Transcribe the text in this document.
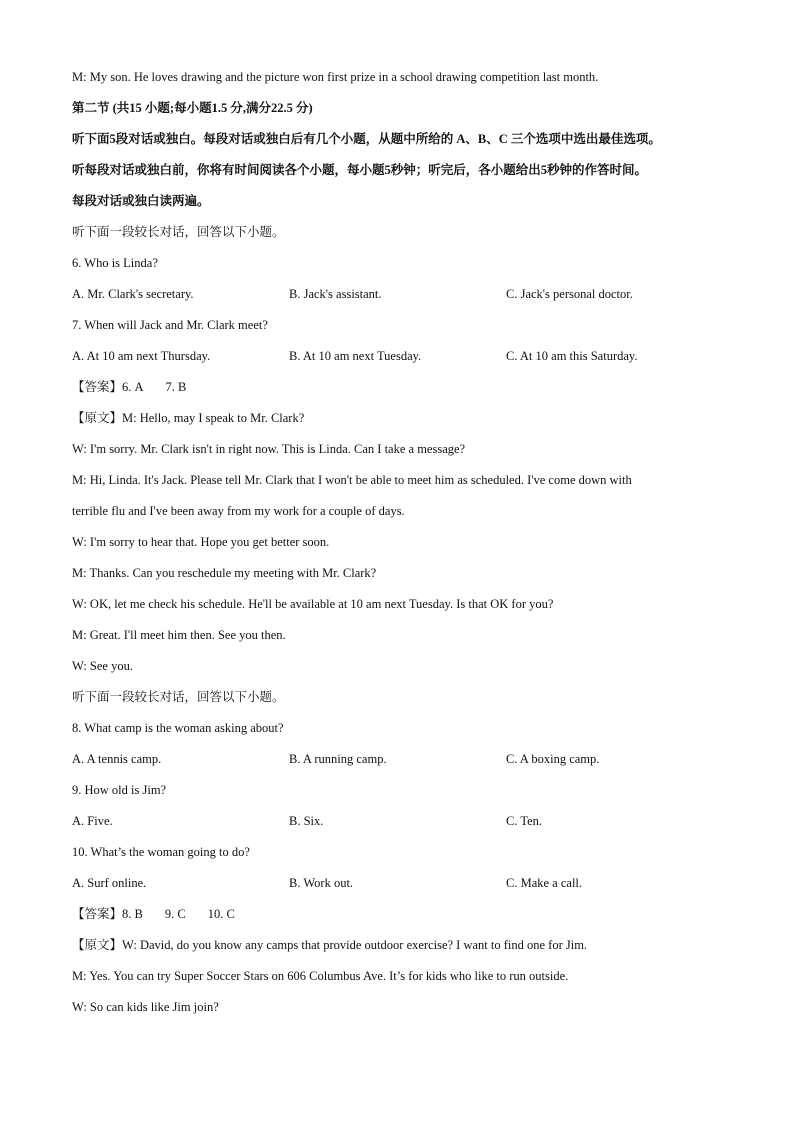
M: My son. He loves drawing and the picture won first prize in a school drawing competition last month.
第二节 (共15 小题;每小题1.5 分,满分22.5 分)
听下面5段对话或独白。每段对话或独白后有几个小题，从题中所给的 A、B、C 三个选项中选出最佳选项。
听每段对话或独白前，你将有时间阅读各个小题，每小题5秒钟；听完后，各小题给出5秒钟的作答时间。
每段对话或独白读两遍。
听下面一段较长对话，回答以下小题。
6. Who is Linda?
A. Mr. Clark's secretary.	B. Jack's assistant.	C. Jack's personal doctor.
7. When will Jack and Mr. Clark meet?
A. At 10 am next Thursday.	B. At 10 am next Tuesday.	C. At 10 am this Saturday.
【答案】6. A 7. B
【原文】M: Hello, may I speak to Mr. Clark?
W: I'm sorry. Mr. Clark isn't in right now. This is Linda. Can I take a message?
M: Hi, Linda. It's Jack. Please tell Mr. Clark that I won't be able to meet him as scheduled. I've come down with
terrible flu and I've been away from my work for a couple of days.
W: I'm sorry to hear that. Hope you get better soon.
M: Thanks. Can you reschedule my meeting with Mr. Clark?
W: OK, let me check his schedule. He'll be available at 10 am next Tuesday. Is that OK for you?
M: Great. I'll meet him then. See you then.
W: See you.
听下面一段较长对话，回答以下小题。
8. What camp is the woman asking about?
A. A tennis camp.	B. A running camp.	C. A boxing camp.
9. How old is Jim?
A. Five.	B. Six.	C. Ten.
10. What’s the woman going to do?
A. Surf online.	B. Work out.	C. Make a call.
【答案】8. B 9. C 10. C
【原文】W: David, do you know any camps that provide outdoor exercise? I want to find one for Jim.
M: Yes. You can try Super Soccer Stars on 606 Columbus Ave. It’s for kids who like to run outside.
W: So can kids like Jim join?
